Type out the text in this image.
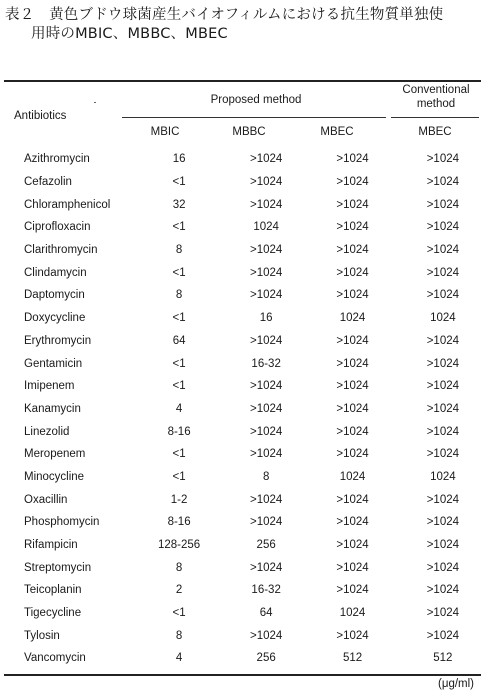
表２　黄色ブドウ球菌産生バイオフィルムにおける抗生物質単独使
用時のMBIC、MBBC、MBEC
Antibiotics
Proposed method
Conventional
method
MBIC	MBBC	MBEC	MBEC
Azithromycin	16	>1024	>1024	>1024
Cefazolin	<1	>1024	>1024	>1024
Chloramphenicol	32	>1024	>1024	>1024
Ciprofloxacin	<1	1024	>1024	>1024
Clarithromycin	8	>1024	>1024	>1024
Clindamycin	<1	>1024	>1024	>1024
Daptomycin	8	>1024	>1024	>1024
Doxycycline	<1	16	1024	1024
Erythromycin	64	>1024	>1024	>1024
Gentamicin	<1	16-32	>1024	>1024
Imipenem	<1	>1024	>1024	>1024
Kanamycin	4	>1024	>1024	>1024
Linezolid	8-16	>1024	>1024	>1024
Meropenem	<1	>1024	>1024	>1024
Minocycline	<1	8	1024	1024
Oxacillin	1-2	>1024	>1024	>1024
Phosphomycin	8-16	>1024	>1024	>1024
Rifampicin	128-256	256	>1024	>1024
Streptomycin	8	>1024	>1024	>1024
Teicoplanin	2	16-32	>1024	>1024
Tigecycline	<1	64	1024	>1024
Tylosin	8	>1024	>1024	>1024
Vancomycin	4	256	512	512
(μg/ml)
